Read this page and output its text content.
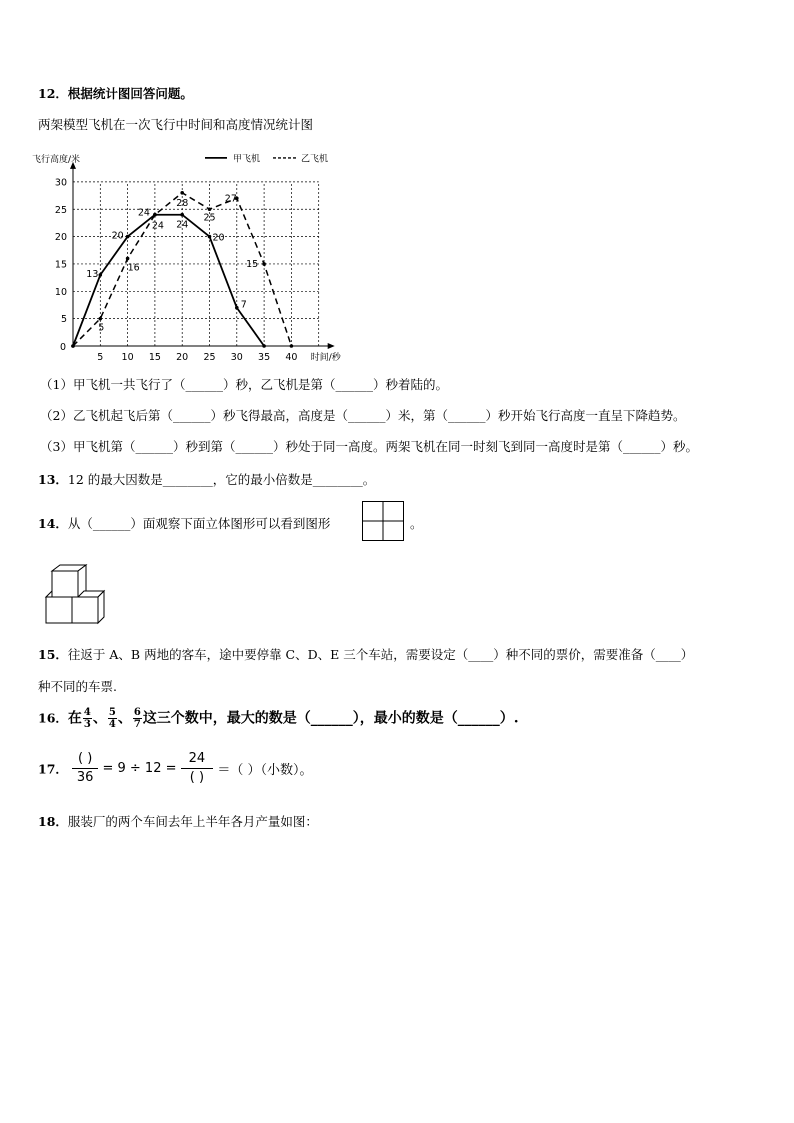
12．根据统计图回答问题。
两架模型飞机在一次飞行中时间和高度情况统计图
5 10 15 20 25 30 35 40
5
10
15
20
25
30
0
时间/秒
飞行高度/米	甲飞机	乙飞机
13
20
24
24
20
7
5
16
24
28
25
27
15
（1）甲飞机一共飞行了（______）秒，乙飞机是第（______）秒着陆的。
（2）乙飞机起飞后第（______）秒飞得最高，高度是（______）米，第（______）秒开始飞行高度一直呈下降趋势。
（3）甲飞机第（______）秒到第（______）秒处于同一高度。两架飞机在同一时刻飞到同一高度时是第（______）秒。
13．12 的最大因数是________，它的最小倍数是________。
14．从（______）面观察下面立体图形可以看到图形	。
15．往返于 A、B 两地的客车，途中要停靠 C、D、E 三个车站，需要设定（____）种不同的票价，需要准备（____）
种不同的车票.
16．在 $\frac{4}{3}$ 、 $\frac{5}{4}$ 、 $\frac{6}{7}$ 这三个数中，最大的数是（______），最小的数是（______）.
17．
( )
36
= 9 ÷ 12 =
24
( )	＝（ ）（小数）。
18．服装厂的两个车间去年上半年各月产量如图：
